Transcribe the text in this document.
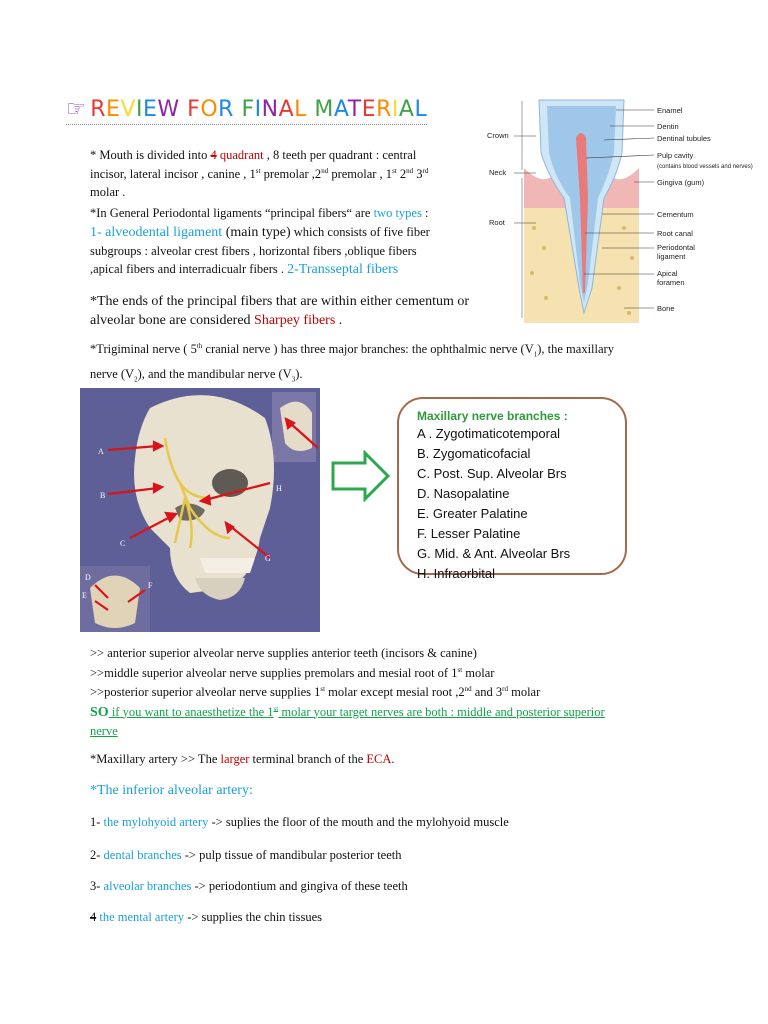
☞ REVIEW FOR FINAL MATERIAL
* Mouth is divided into 4 quadrant , 8 teeth per quadrant : central
incisor, lateral incisor , canine , 1st premolar ,2nd premolar , 1st 2nd 3rd
molar .
*In General Periodontal ligaments “principal fibers“ are two types :
1- alveodental ligament (main type) which consists of five fiber
subgroups : alveolar crest fibers , horizontal fibers ,oblique fibers
,apical fibers and interradicualr fibers . 2-Transseptal fibers
*The ends of the principal fibers that are within either cementum or
alveolar bone are considered Sharpey fibers .
Crown
Neck
Root
Enamel
Dentin
Dentinal tubules
Pulp cavity
(contains blood vessels and nerves)
Gingiva (gum)
Cementum
Root canal
Periodontal
ligament
Apical
foramen
Bone
*Trigiminal nerve ( 5th cranial nerve ) has three major branches: the ophthalmic nerve $(V_1)$, the maxillary
nerve $(V_2)$, and the mandibular nerve $(V_3)$.
A
B
C
D
E
F
G
H
Maxillary nerve branches :
A . Zygotimaticotemporal
B. Zygomaticofacial
C. Post. Sup. Alveolar Brs
D. Nasopalatine
E. Greater Palatine
F. Lesser Palatine
G. Mid. & Ant. Alveolar Brs
H. Infraorbital
>> anterior superior alveolar nerve supplies anterior teeth (incisors & canine)
>>middle superior alveolar nerve supplies premolars and mesial root of 1st molar
>>posterior superior alveolar nerve supplies 1st molar except mesial root ,2nd and 3rd molar
SO if you want to anaesthetize the 1st molar your target nerves are both : middle and posterior superior
nerve
*Maxillary artery >> The larger terminal branch of the ECA.
*The inferior alveolar artery:
1- the mylohyoid artery -> suplies the floor of the mouth and the mylohyoid muscle
2- dental branches -> pulp tissue of mandibular posterior teeth
3- alveolar branches -> periodontium and gingiva of these teeth
4 the mental artery -> supplies the chin tissues
